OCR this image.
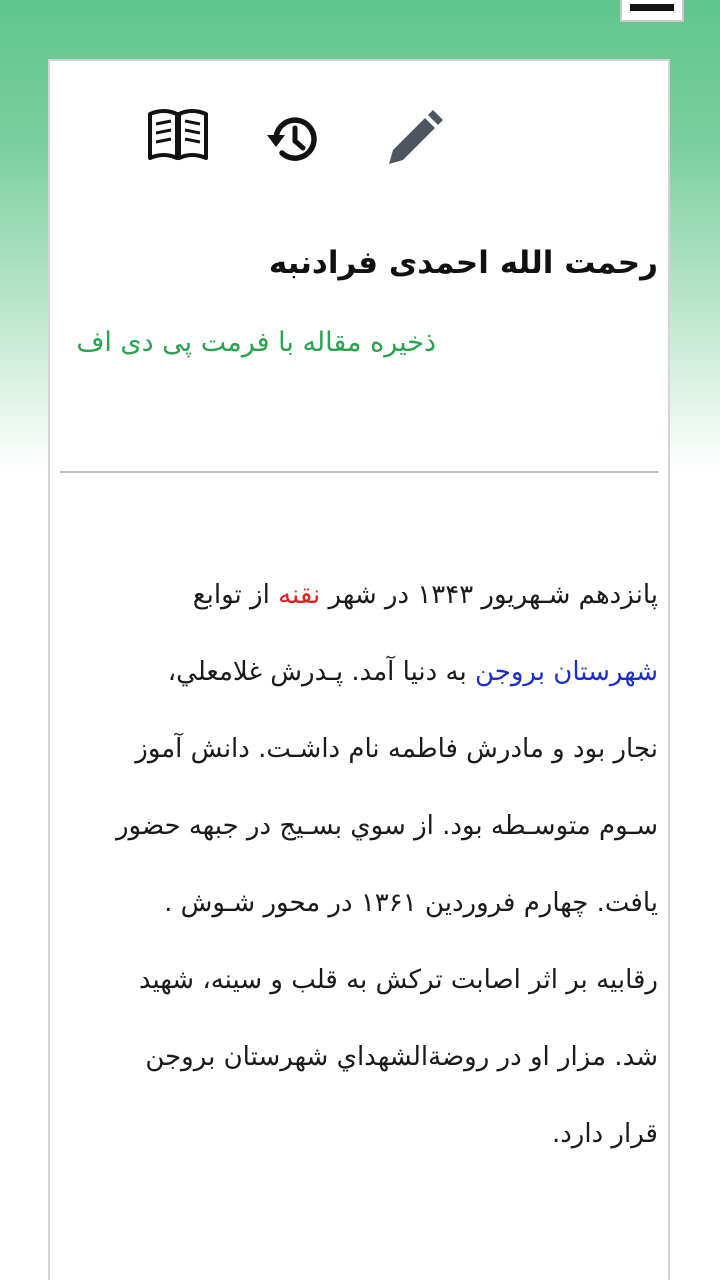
رحمت الله احمدی فرادنبه
ذخیره مقاله با فرمت پی دی اف
پانزدهم شـهریور ۱۳۴۳ در شهر نقنه از توابع
شهرستان بروجن به دنیا آمد. پـدرش غلامعلي،
نجار بود و مادرش فاطمه نام داشـت. دانش آموز
سـوم متوسـطه بود. از سوي بسـيج در جبهه حضور
یافت. چهارم فروردین ۱۳۶۱ در محور شـوش .
رقابیه بر اثر اصابت ترکش به قلب و سینه، شهید
شد. مزار او در روضةالشهداي شهرستان بروجن
قرار دارد.
